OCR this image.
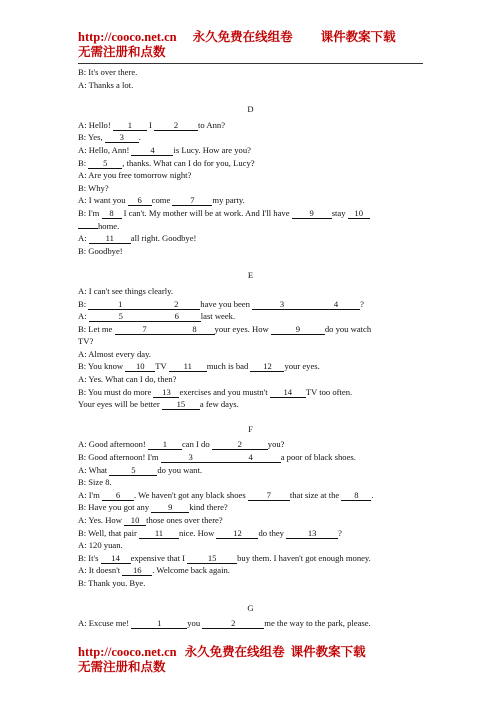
http://cooco.net.cn 永久免费在线组卷 课件教案下载
无需注册和点数
B: It's over there.
A: Thanks a lot.
D
A: Hello! 1 I 2 to Ann?
B: Yes, 3 .
A: Hello, Ann! 4 is Lucy. How are you?
B: 5 , thanks. What can I do for you, Lucy?
A: Are you free tomorrow night?
B: Why?
A: I want you 6 come 7 my party.
B: I'm 8 I can't. My mother will be at work. And I'll have 9 stay 10
home.
A: 11 all right. Goodbye!
B: Goodbye!
E
A: I can't see things clearly.
B:	1	2	have you been	3	4	?
A:	5	6	last week.
B: Let me	7	8 your eyes. How	9	do you watch
TV?
A: Almost every day.
B: You know 10 TV 11 much is bad 12 your eyes.
A: Yes. What can I do, then?
B: You must do more 13 exercises and you mustn't 14 TV too often.
Your eyes will be better 15 a few days.
F
A: Good afternoon! 1 can I do	2	you?
B: Good afternoon! I'm	3	4	a poor of black shoes.
A: What	5	do you want.
B: Size 8.
A: I'm 6 . We haven't got any black shoes 7 that size at the 8 .
B: Have you got any 9 kind there?
A: Yes. How 10 those ones over there?
B: Well, that pair 11 nice. How 12 do they	13	?
A: 120 yuan.
B: It's 14 expensive that I 15 buy them. I haven't got enough money.
A: It doesn't 16 . Welcome back again.
B: Thank you. Bye.
G
A: Excuse me!	1	you	2	me the way to the park, please.
http://cooco.net.cn 永久免费在线组卷 课件教案下载
无需注册和点数
